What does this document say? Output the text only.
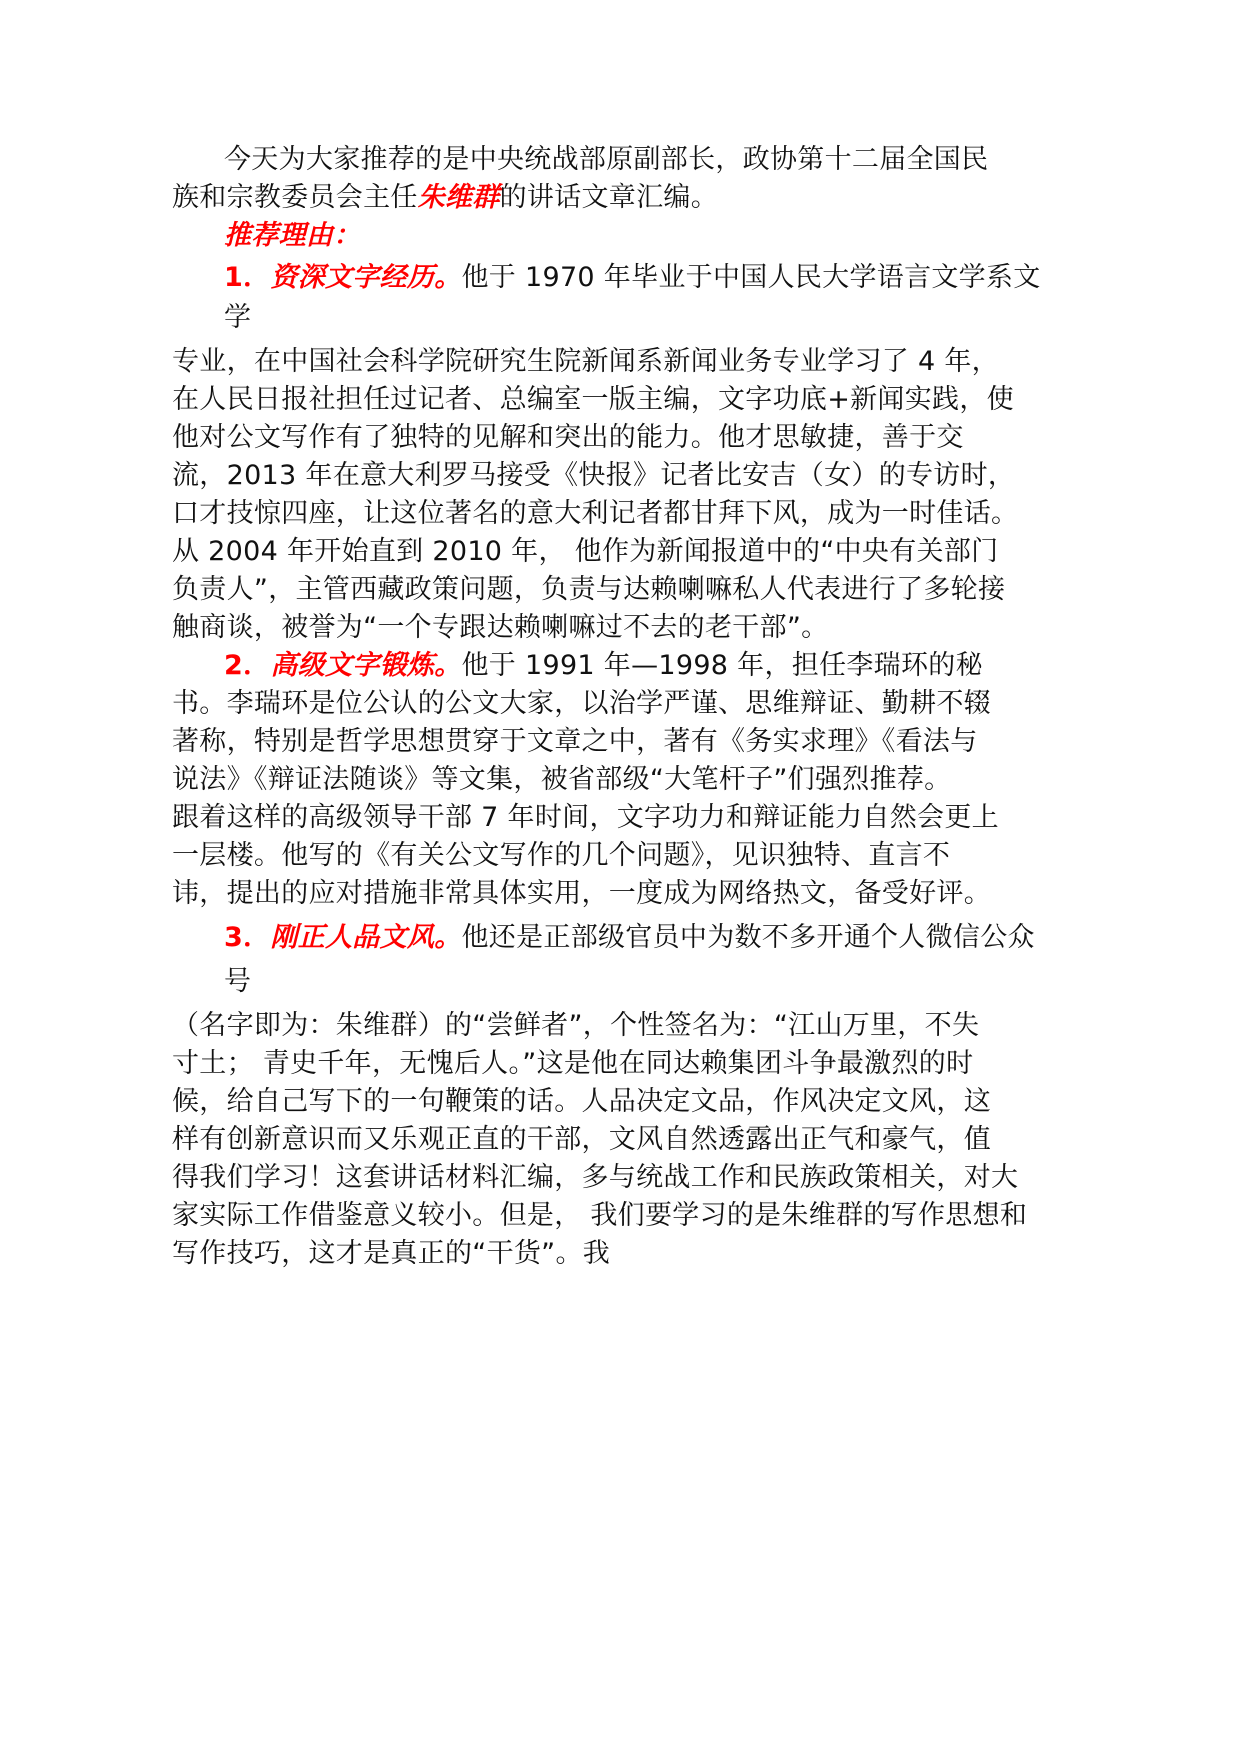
今天为大家推荐的是中央统战部原副部长，政协第十二届全国民
族和宗教委员会主任朱维群的讲话文章汇编。
推荐理由：
1．资深文字经历。他于 1970 年毕业于中国人民大学语言文学系文
学
专业，在中国社会科学院研究生院新闻系新闻业务专业学习了 4 年，
在人民日报社担任过记者、总编室一版主编，文字功底+新闻实践，使
他对公文写作有了独特的见解和突出的能力。他才思敏捷，善于交
流，2013 年在意大利罗马接受《快报》记者比安吉（女）的专访时，
口才技惊四座，让这位著名的意大利记者都甘拜下风，成为一时佳话。
从 2004 年开始直到 2010 年， 他作为新闻报道中的“中央有关部门
负责人”，主管西藏政策问题，负责与达赖喇嘛私人代表进行了多轮接
触商谈，被誉为“一个专跟达赖喇嘛过不去的老干部”。
2．高级文字锻炼。他于 1991 年—1998 年，担任李瑞环的秘
书。李瑞环是位公认的公文大家，以治学严谨、思维辩证、勤耕不辍
著称，特别是哲学思想贯穿于文章之中，著有《务实求理》《看法与
说法》《辩证法随谈》等文集，被省部级“大笔杆子”们强烈推荐。
跟着这样的高级领导干部 7 年时间，文字功力和辩证能力自然会更上
一层楼。他写的《有关公文写作的几个问题》，见识独特、直言不
讳，提出的应对措施非常具体实用，一度成为网络热文，备受好评。
3．刚正人品文风。他还是正部级官员中为数不多开通个人微信公众
号
（名字即为：朱维群）的“尝鲜者”，个性签名为：“江山万里，不失
寸土； 青史千年，无愧后人。”这是他在同达赖集团斗争最激烈的时
候，给自己写下的一句鞭策的话。人品决定文品，作风决定文风，这
样有创新意识而又乐观正直的干部，文风自然透露出正气和豪气，值
得我们学习！这套讲话材料汇编，多与统战工作和民族政策相关，对大
家实际工作借鉴意义较小。但是， 我们要学习的是朱维群的写作思想和
写作技巧，这才是真正的“干货”。我
